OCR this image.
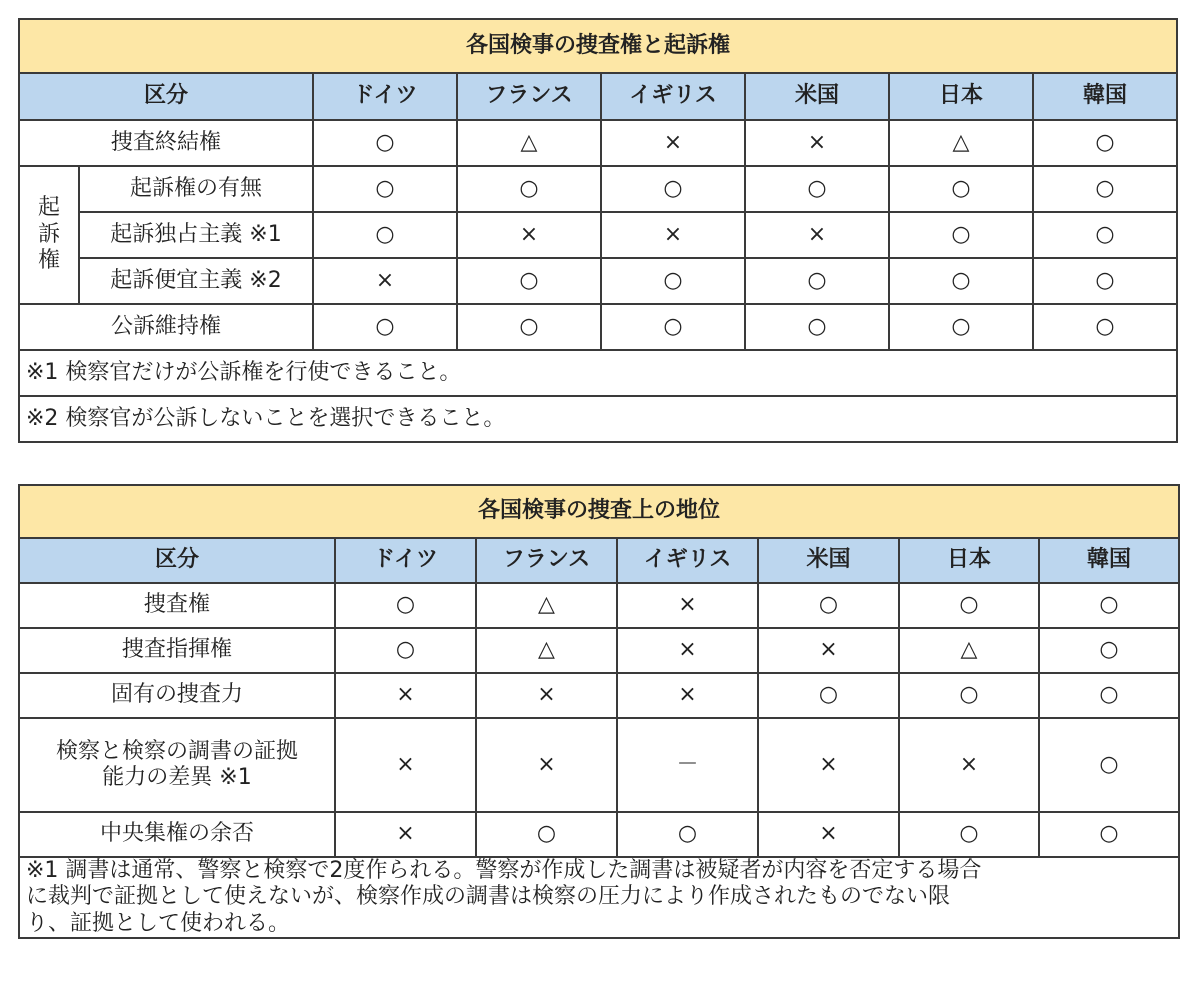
各国検事の捜査権と起訴権							
区分		ドイツ	フランス	イギリス	米国	日本	韓国
捜査終結権		○	△	×	×	△	○

起
訴
権	起訴権の有無	○	○	○	○	○	○
	起訴独占主義 ※1	○	×	×	×	○	○
	起訴便宜主義 ※2	×	○	○	○	○	○
公訴維持権		○	○	○	○	○	○
※1 検察官だけが公訴権を行使できること。							
※2 検察官が公訴しないことを選択できること。							
各国検事の捜査上の地位						
区分	ドイツ	フランス	イギリス	米国	日本	韓国
捜査権	○	△	×	○	○	○
捜査指揮権	○	△	×	×	△	○
固有の捜査力	×	×	×	○	○	○

検察と検察の調書の証拠
能力の差異 ※1	×	×	－	×	×	○
中央集権の余否	×	○	○	×	○	○

※1 調書は通常、警察と検察で2度作られる。警察が作成した調書は被疑者が内容を否定する場合
に裁判で証拠として使えないが、検察作成の調書は検察の圧力により作成されたものでない限
り、証拠として使われる。						
